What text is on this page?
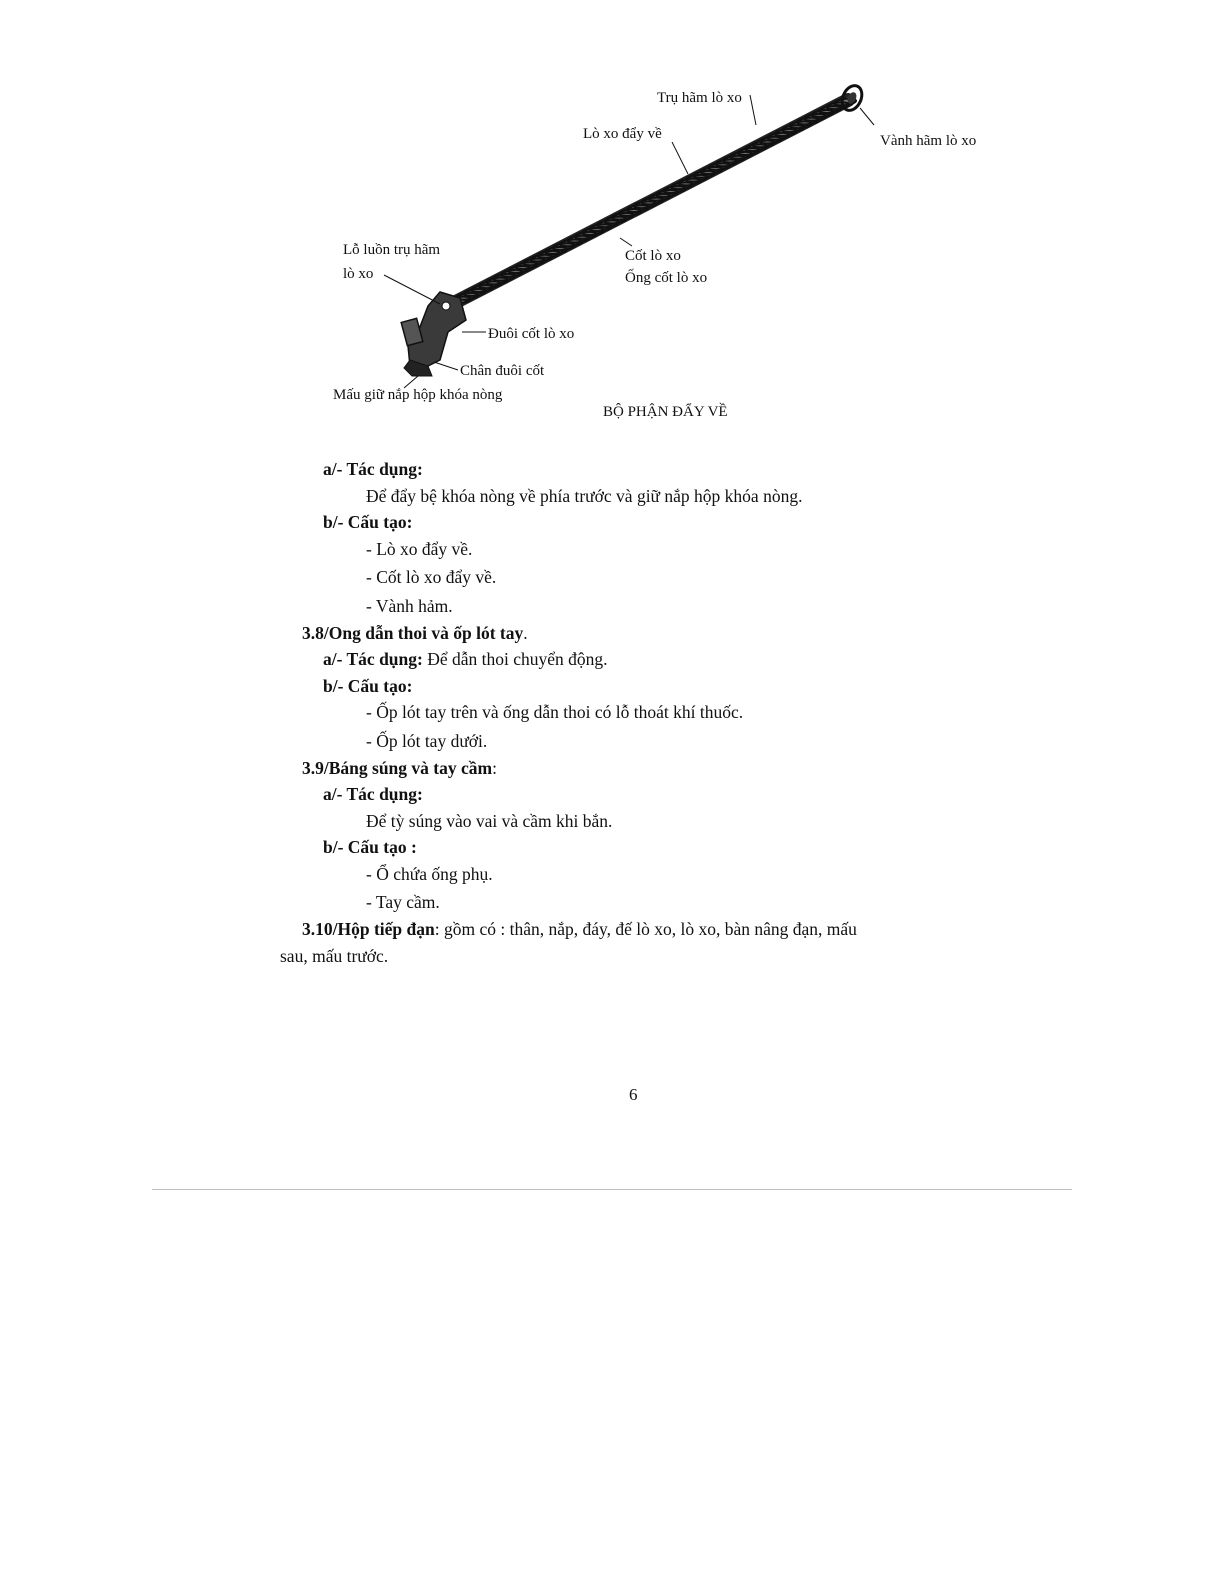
Trụ hãm lò xo
Lò xo đẩy về	Vành hãm lò xo
Lỗ luồn trụ hãm
lò xo
Cốt lò xo
Ống cốt lò xo
Đuôi cốt lò xo
Chân đuôi cốt
Mấu giữ nắp hộp khóa nòng
BỘ PHẬN ĐẨY VỀ
a/- Tác dụng:
Để đẩy bệ khóa nòng về phía trước và giữ nắp hộp khóa nòng.
b/- Cấu tạo:
- Lò xo đẩy về.
- Cốt lò xo đẩy về.
- Vành hảm.
3.8/Ong dẫn thoi và ốp lót tay.
a/- Tác dụng: Để dẫn thoi chuyển động.
b/- Cấu tạo:
- Ốp lót tay trên và ống dẫn thoi có lỗ thoát khí thuốc.
- Ốp lót tay dưới.
3.9/Báng súng và tay cầm:
a/- Tác dụng:
Để tỳ súng vào vai và cầm khi bắn.
b/- Cấu tạo :
- Ổ chứa ống phụ.
- Tay cầm.
3.10/Hộp tiếp đạn: gồm có : thân, nắp, đáy, đế lò xo, lò xo, bàn nâng đạn, mấu
sau, mấu trước.
6
